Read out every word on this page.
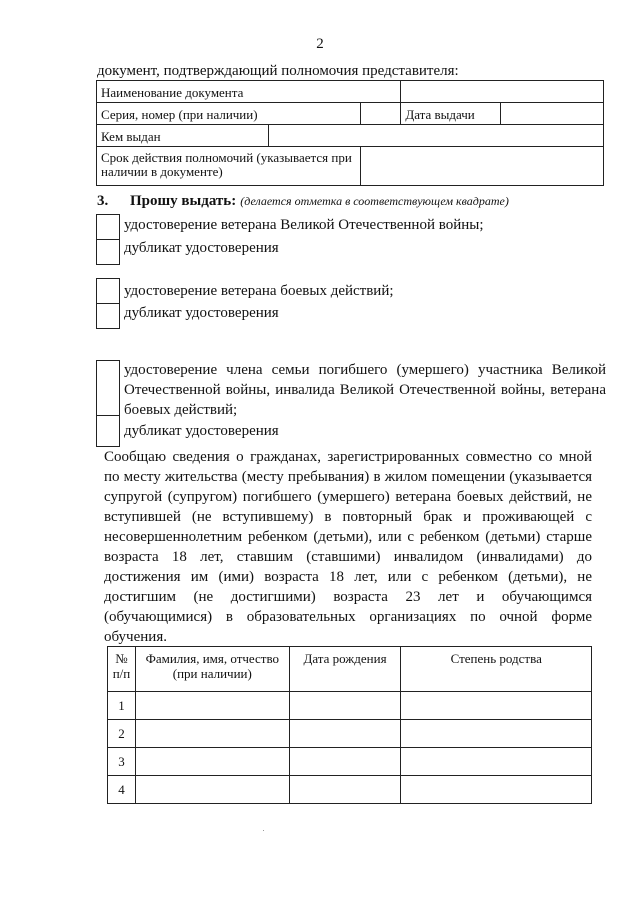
2
документ, подтверждающий полномочия представителя:
Наименование документа				
Серия, номер (при наличии)			Дата выдачи	
Кем выдан				
Срок действия полномочий (указывается при наличии в документе)				
3. Прошу выдать: (делается отметка в соответствующем квадрате)
удостоверение ветерана Великой Отечественной войны;
дубликат удостоверения
удостоверение ветерана боевых действий;
дубликат удостоверения
удостоверение члена семьи погибшего (умершего) участника Великой Отечественной войны, инвалида Великой Отечественной войны, ветерана боевых действий;
дубликат удостоверения
Сообщаю сведения о гражданах, зарегистрированных совместно со мной по месту жительства (месту пребывания) в жилом помещении (указывается супругой (супругом) погибшего (умершего) ветерана боевых действий, не вступившей (не вступившему) в повторный брак и проживающей с несовершеннолетним ребенком (детьми), или с ребенком (детьми) старше возраста 18 лет, ставшим (ставшими) инвалидом (инвалидами) до достижения им (ими) возраста 18 лет, или с ребенком (детьми), не достигшим (не достигшими) возраста 23 лет и обучающимся (обучающимися) в образовательных организациях по очной форме обучения.
№ п/п	Фамилия, имя, отчество (при наличии)	Дата рождения	Степень родства
1			
2			
3			
4			
